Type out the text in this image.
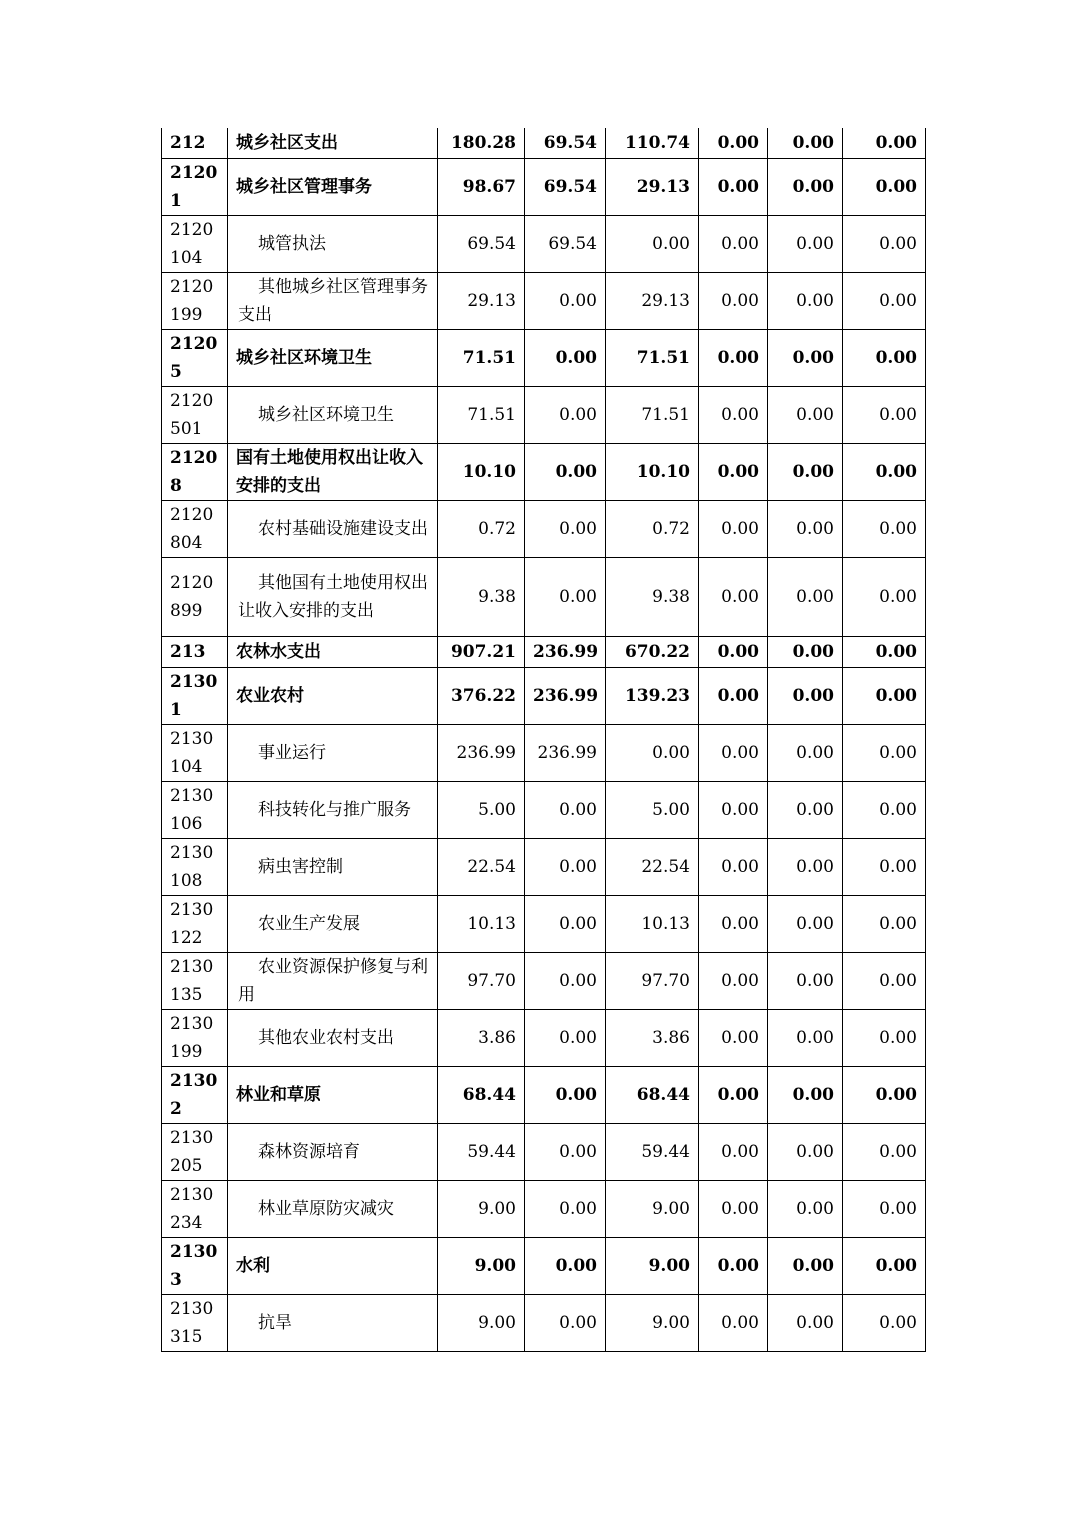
212	城乡社区支出	180.28	69.54	110.74	0.00	0.00	0.00
21201	城乡社区管理事务	98.67	69.54	29.13	0.00	0.00	0.00
2120104	城管执法	69.54	69.54	0.00	0.00	0.00	0.00
2120199	其他城乡社区管理事务支出	29.13	0.00	29.13	0.00	0.00	0.00
21205	城乡社区环境卫生	71.51	0.00	71.51	0.00	0.00	0.00
2120501	城乡社区环境卫生	71.51	0.00	71.51	0.00	0.00	0.00
21208	国有土地使用权出让收入安排的支出	10.10	0.00	10.10	0.00	0.00	0.00
2120804	农村基础设施建设支出	0.72	0.00	0.72	0.00	0.00	0.00
2120899	其他国有土地使用权出让收入安排的支出	9.38	0.00	9.38	0.00	0.00	0.00
213	农林水支出	907.21	236.99	670.22	0.00	0.00	0.00
21301	农业农村	376.22	236.99	139.23	0.00	0.00	0.00
2130104	事业运行	236.99	236.99	0.00	0.00	0.00	0.00
2130106	科技转化与推广服务	5.00	0.00	5.00	0.00	0.00	0.00
2130108	病虫害控制	22.54	0.00	22.54	0.00	0.00	0.00
2130122	农业生产发展	10.13	0.00	10.13	0.00	0.00	0.00
2130135	农业资源保护修复与利用	97.70	0.00	97.70	0.00	0.00	0.00
2130199	其他农业农村支出	3.86	0.00	3.86	0.00	0.00	0.00
21302	林业和草原	68.44	0.00	68.44	0.00	0.00	0.00
2130205	森林资源培育	59.44	0.00	59.44	0.00	0.00	0.00
2130234	林业草原防灾减灾	9.00	0.00	9.00	0.00	0.00	0.00
21303	水利	9.00	0.00	9.00	0.00	0.00	0.00
2130315	抗旱	9.00	0.00	9.00	0.00	0.00	0.00
